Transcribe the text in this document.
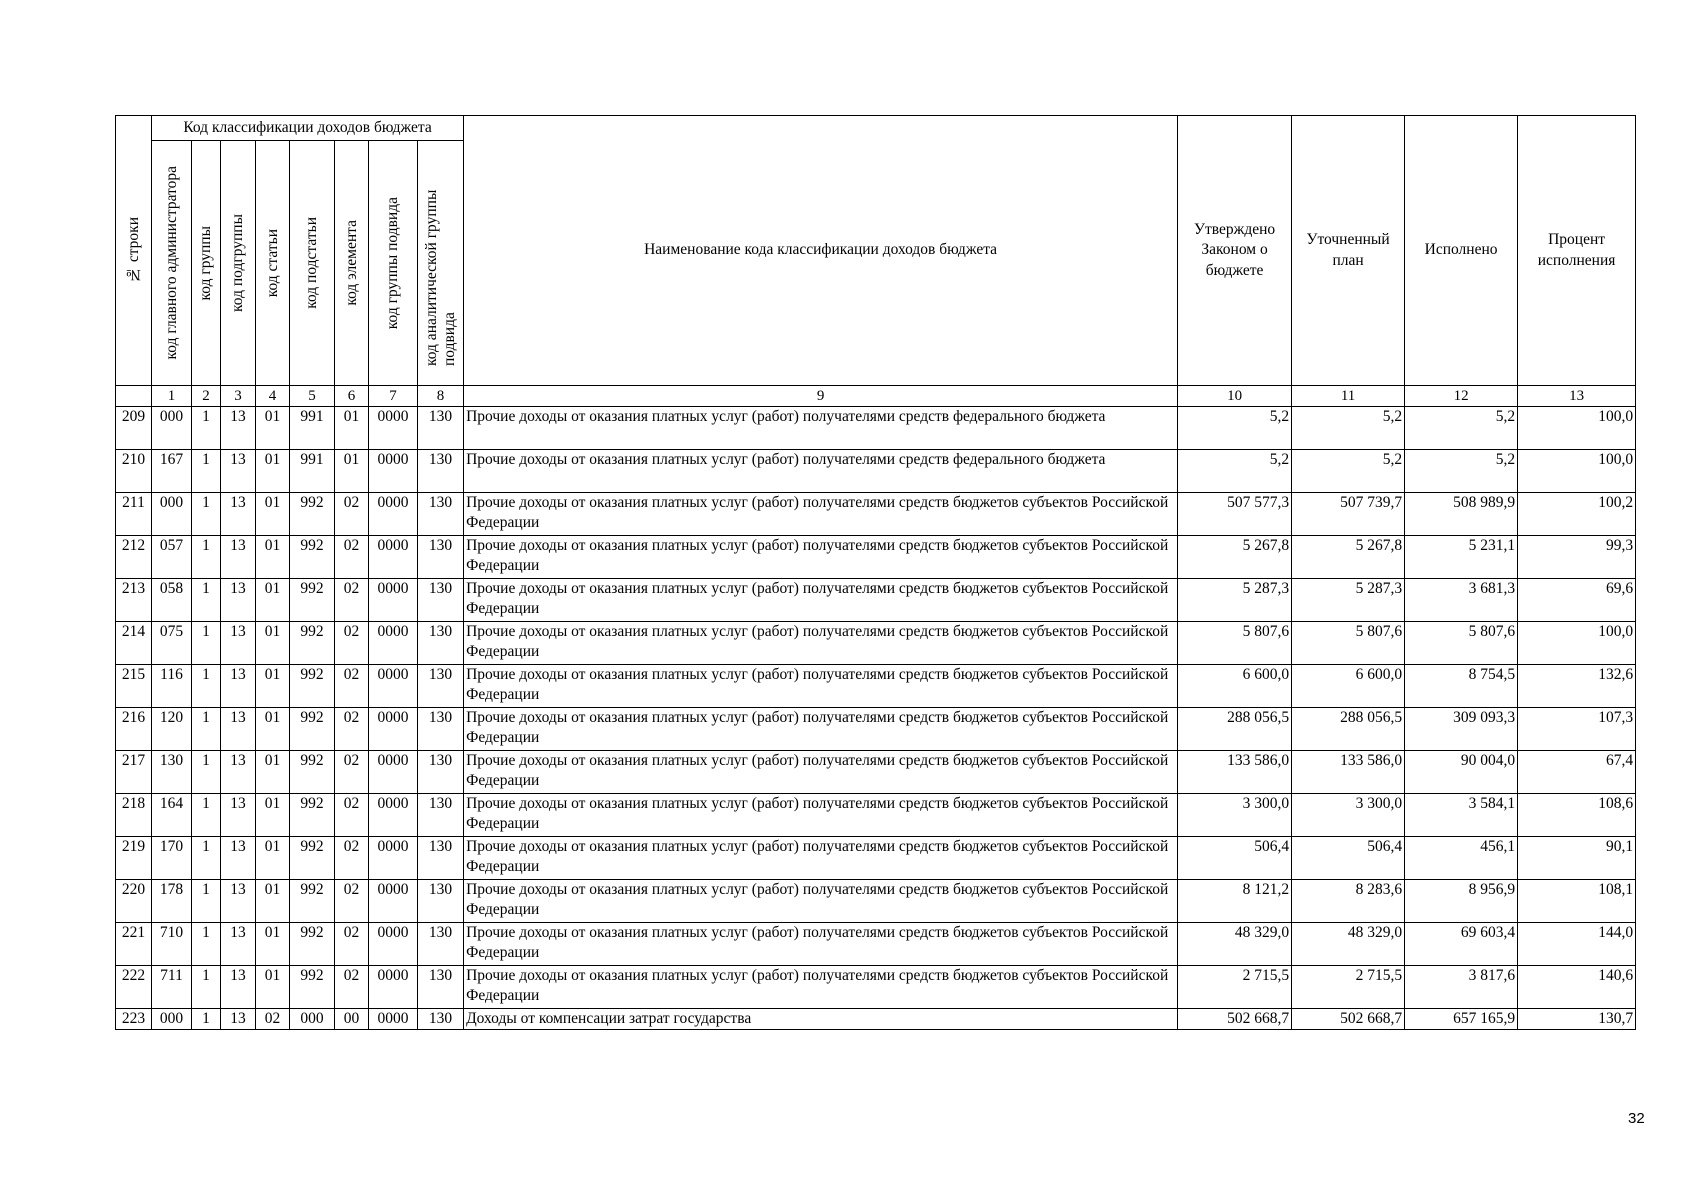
№ строки	Код классификации доходов бюджета								Наименование кода классификации доходов бюджета	Утверждено Законом о бюджете	Уточненный план	Исполнено	Процент исполнения

	код главного администратора	код группы	код подгруппы	код статьи	код подстатьи	код элемента	код группы подвида	код аналитической группы подвида					

	1	2	3	4	5	6	7	8	9	10	11	12	13
209	000	1	13	01	991	01	0000	130	Прочие доходы от оказания платных услуг (работ) получателями средств федерального бюджета	5,2	5,2	5,2	100,0
210	167	1	13	01	991	01	0000	130	Прочие доходы от оказания платных услуг (работ) получателями средств федерального бюджета	5,2	5,2	5,2	100,0
211	000	1	13	01	992	02	0000	130	Прочие доходы от оказания платных услуг (работ) получателями средств бюджетов субъектов Российской Федерации	507 577,3	507 739,7	508 989,9	100,2
212	057	1	13	01	992	02	0000	130	Прочие доходы от оказания платных услуг (работ) получателями средств бюджетов субъектов Российской Федерации	5 267,8	5 267,8	5 231,1	99,3
213	058	1	13	01	992	02	0000	130	Прочие доходы от оказания платных услуг (работ) получателями средств бюджетов субъектов Российской Федерации	5 287,3	5 287,3	3 681,3	69,6
214	075	1	13	01	992	02	0000	130	Прочие доходы от оказания платных услуг (работ) получателями средств бюджетов субъектов Российской Федерации	5 807,6	5 807,6	5 807,6	100,0
215	116	1	13	01	992	02	0000	130	Прочие доходы от оказания платных услуг (работ) получателями средств бюджетов субъектов Российской Федерации	6 600,0	6 600,0	8 754,5	132,6
216	120	1	13	01	992	02	0000	130	Прочие доходы от оказания платных услуг (работ) получателями средств бюджетов субъектов Российской Федерации	288 056,5	288 056,5	309 093,3	107,3
217	130	1	13	01	992	02	0000	130	Прочие доходы от оказания платных услуг (работ) получателями средств бюджетов субъектов Российской Федерации	133 586,0	133 586,0	90 004,0	67,4
218	164	1	13	01	992	02	0000	130	Прочие доходы от оказания платных услуг (работ) получателями средств бюджетов субъектов Российской Федерации	3 300,0	3 300,0	3 584,1	108,6
219	170	1	13	01	992	02	0000	130	Прочие доходы от оказания платных услуг (работ) получателями средств бюджетов субъектов Российской Федерации	506,4	506,4	456,1	90,1
220	178	1	13	01	992	02	0000	130	Прочие доходы от оказания платных услуг (работ) получателями средств бюджетов субъектов Российской Федерации	8 121,2	8 283,6	8 956,9	108,1
221	710	1	13	01	992	02	0000	130	Прочие доходы от оказания платных услуг (работ) получателями средств бюджетов субъектов Российской Федерации	48 329,0	48 329,0	69 603,4	144,0
222	711	1	13	01	992	02	0000	130	Прочие доходы от оказания платных услуг (работ) получателями средств бюджетов субъектов Российской Федерации	2 715,5	2 715,5	3 817,6	140,6
223	000	1	13	02	000	00	0000	130	Доходы от компенсации затрат государства	502 668,7	502 668,7	657 165,9	130,7
32
